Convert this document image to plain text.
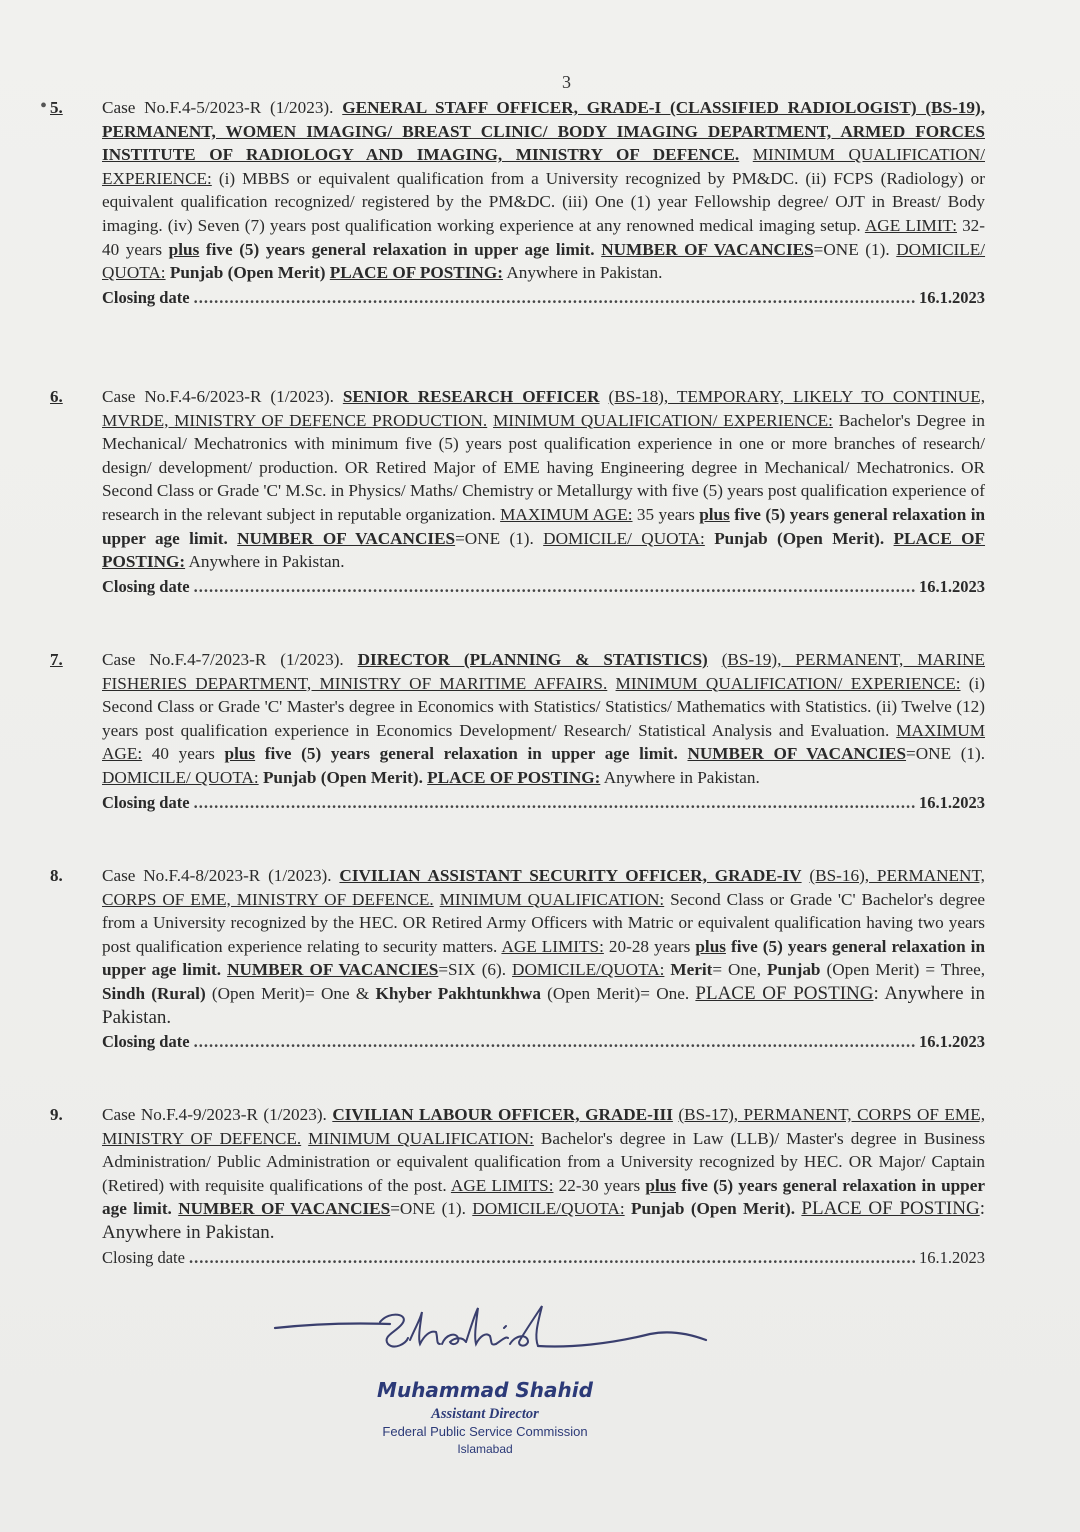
•
3
5.	Case No.F.4-5/2023-R (1/2023). GENERAL STAFF OFFICER, GRADE-I (CLASSIFIED RADIOLOGIST) (BS-19), PERMANENT, WOMEN IMAGING/ BREAST CLINIC/ BODY IMAGING DEPARTMENT, ARMED FORCES INSTITUTE OF RADIOLOGY AND IMAGING, MINISTRY OF DEFENCE. MINIMUM QUALIFICATION/ EXPERIENCE: (i) MBBS or equivalent qualification from a University recognized by PM&DC. (ii) FCPS (Radiology) or equivalent qualification recognized/ registered by the PM&DC. (iii) One (1) year Fellowship degree/ OJT in Breast/ Body imaging. (iv) Seven (7) years post qualification working experience at any renowned medical imaging setup. AGE LIMIT: 32-40 years plus five (5) years general relaxation in upper age limit. NUMBER OF VACANCIES=ONE (1). DOMICILE/ QUOTA: Punjab (Open Merit) PLACE OF POSTING: Anywhere in Pakistan.

Closing date .....	16.1.2023
6.	Case No.F.4-6/2023-R (1/2023). SENIOR RESEARCH OFFICER (BS-18), TEMPORARY, LIKELY TO CONTINUE, MVRDE, MINISTRY OF DEFENCE PRODUCTION. MINIMUM QUALIFICATION/ EXPERIENCE: Bachelor's Degree in Mechanical/ Mechatronics with minimum five (5) years post qualification experience in one or more branches of research/ design/ development/ production. OR Retired Major of EME having Engineering degree in Mechanical/ Mechatronics. OR Second Class or Grade 'C' M.Sc. in Physics/ Maths/ Chemistry or Metallurgy with five (5) years post qualification experience of research in the relevant subject in reputable organization. MAXIMUM AGE: 35 years plus five (5) years general relaxation in upper age limit. NUMBER OF VACANCIES=ONE (1). DOMICILE/ QUOTA: Punjab (Open Merit). PLACE OF POSTING: Anywhere in Pakistan.

Closing date .....	16.1.2023
7.	Case No.F.4-7/2023-R (1/2023). DIRECTOR (PLANNING & STATISTICS) (BS-19), PERMANENT, MARINE FISHERIES DEPARTMENT, MINISTRY OF MARITIME AFFAIRS. MINIMUM QUALIFICATION/ EXPERIENCE: (i) Second Class or Grade 'C' Master's degree in Economics with Statistics/ Statistics/ Mathematics with Statistics. (ii) Twelve (12) years post qualification experience in Economics Development/ Research/ Statistical Analysis and Evaluation. MAXIMUM AGE: 40 years plus five (5) years general relaxation in upper age limit. NUMBER OF VACANCIES=ONE (1). DOMICILE/ QUOTA: Punjab (Open Merit). PLACE OF POSTING: Anywhere in Pakistan.

Closing date .....	16.1.2023
8.	Case No.F.4-8/2023-R (1/2023). CIVILIAN ASSISTANT SECURITY OFFICER, GRADE-IV (BS-16), PERMANENT, CORPS OF EME, MINISTRY OF DEFENCE. MINIMUM QUALIFICATION: Second Class or Grade 'C' Bachelor's degree from a University recognized by the HEC. OR Retired Army Officers with Matric or equivalent qualification having two years post qualification experience relating to security matters. AGE LIMITS: 20-28 years plus five (5) years general relaxation in upper age limit. NUMBER OF VACANCIES=SIX (6). DOMICILE/QUOTA: Merit= One, Punjab (Open Merit) = Three, Sindh (Rural) (Open Merit)= One & Khyber Pakhtunkhwa (Open Merit)= One. PLACE OF POSTING: Anywhere in Pakistan.

Closing date .....	16.1.2023
9.	Case No.F.4-9/2023-R (1/2023). CIVILIAN LABOUR OFFICER, GRADE-III (BS-17), PERMANENT, CORPS OF EME, MINISTRY OF DEFENCE. MINIMUM QUALIFICATION: Bachelor's degree in Law (LLB)/ Master's degree in Business Administration/ Public Administration or equivalent qualification from a University recognized by HEC. OR Major/ Captain (Retired) with requisite qualifications of the post. AGE LIMITS: 22-30 years plus five (5) years general relaxation in upper age limit. NUMBER OF VACANCIES=ONE (1). DOMICILE/QUOTA: Punjab (Open Merit). PLACE OF POSTING: Anywhere in Pakistan.

Closing date .....	16.1.2023
Muhammad Shahid
Assistant Director
Federal Public Service Commission
Islamabad
